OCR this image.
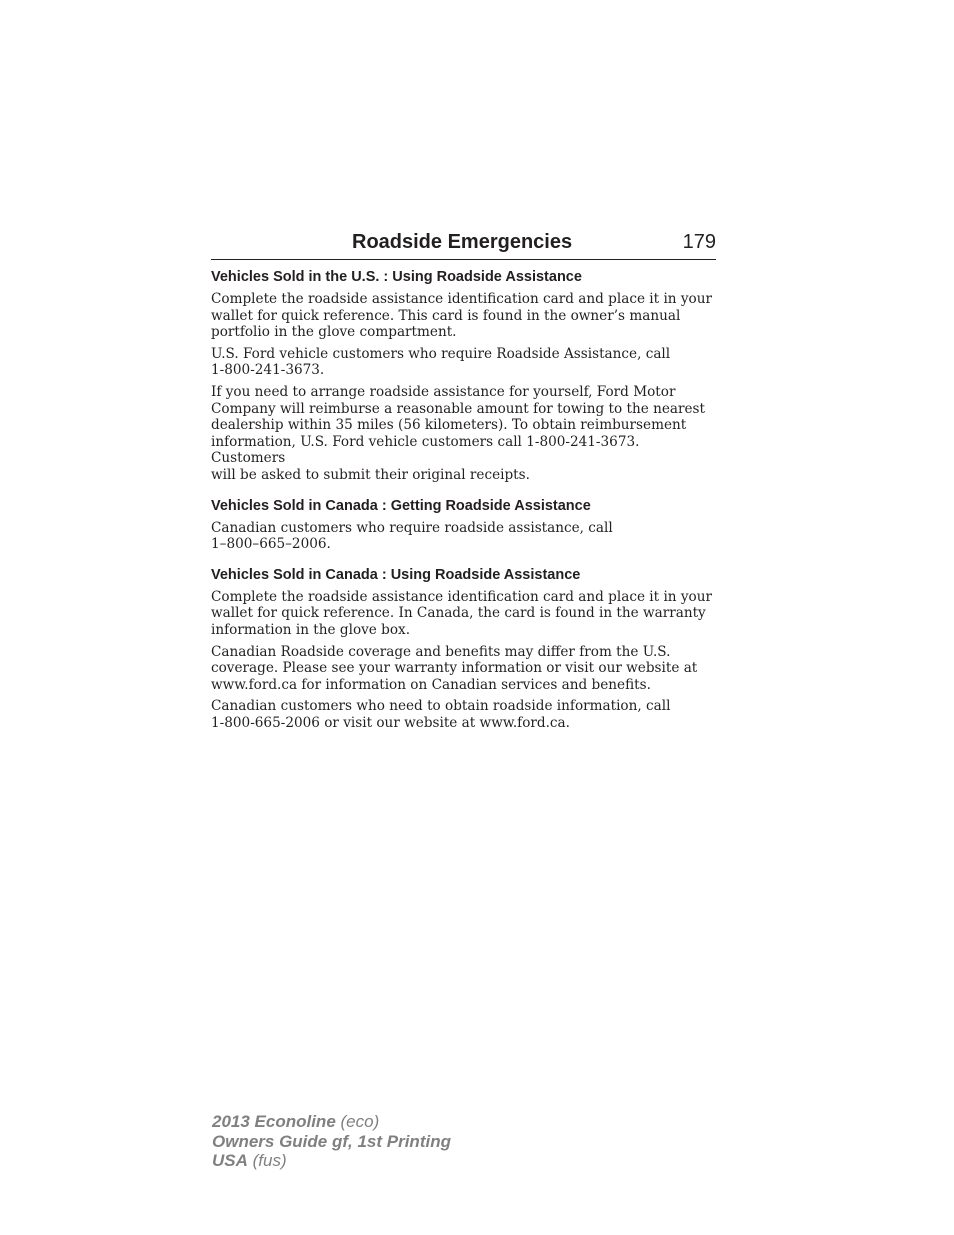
Roadside Emergencies	179
Vehicles Sold in the U.S. : Using Roadside Assistance

Complete the roadside assistance identification card and place it in your
wallet for quick reference. This card is found in the owner’s manual
portfolio in the glove compartment.

U.S. Ford vehicle customers who require Roadside Assistance, call
1-800-241-3673.

If you need to arrange roadside assistance for yourself, Ford Motor
Company will reimburse a reasonable amount for towing to the nearest
dealership within 35 miles (56 kilometers). To obtain reimbursement
information, U.S. Ford vehicle customers call 1-800-241-3673. Customers
will be asked to submit their original receipts.

Vehicles Sold in Canada : Getting Roadside Assistance

Canadian customers who require roadside assistance, call
1–800–665–2006.

Vehicles Sold in Canada : Using Roadside Assistance

Complete the roadside assistance identification card and place it in your
wallet for quick reference. In Canada, the card is found in the warranty
information in the glove box.

Canadian Roadside coverage and benefits may differ from the U.S.
coverage. Please see your warranty information or visit our website at
www.ford.ca for information on Canadian services and benefits.

Canadian customers who need to obtain roadside information, call
1-800-665-2006 or visit our website at www.ford.ca.

2013 Econoline (eco)
Owners Guide gf, 1st Printing
USA (fus)
